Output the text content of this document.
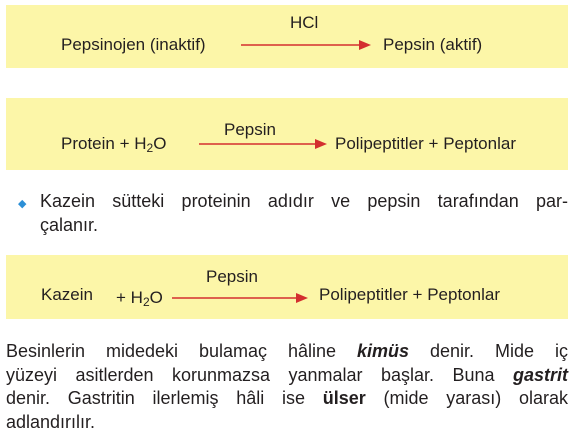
Pepsinojen (inaktif)
HCl
Pepsin (aktif)
Protein + $H_2O$
Pepsin
Polipeptitler + Peptonlar
◆ Kazein sütteki proteinin adıdır ve pepsin tarafından par-
çalanır.
Kazein + $H_2O$
Pepsin
Polipeptitler + Peptonlar
Besinlerin midedeki bulamaç hâline kimüs denir. Mide iç
yüzeyi asitlerden korunmazsa yanmalar başlar. Buna gastrit
denir. Gastritin ilerlemiş hâli ise ülser (mide yarası) olarak
adlandırılır.
